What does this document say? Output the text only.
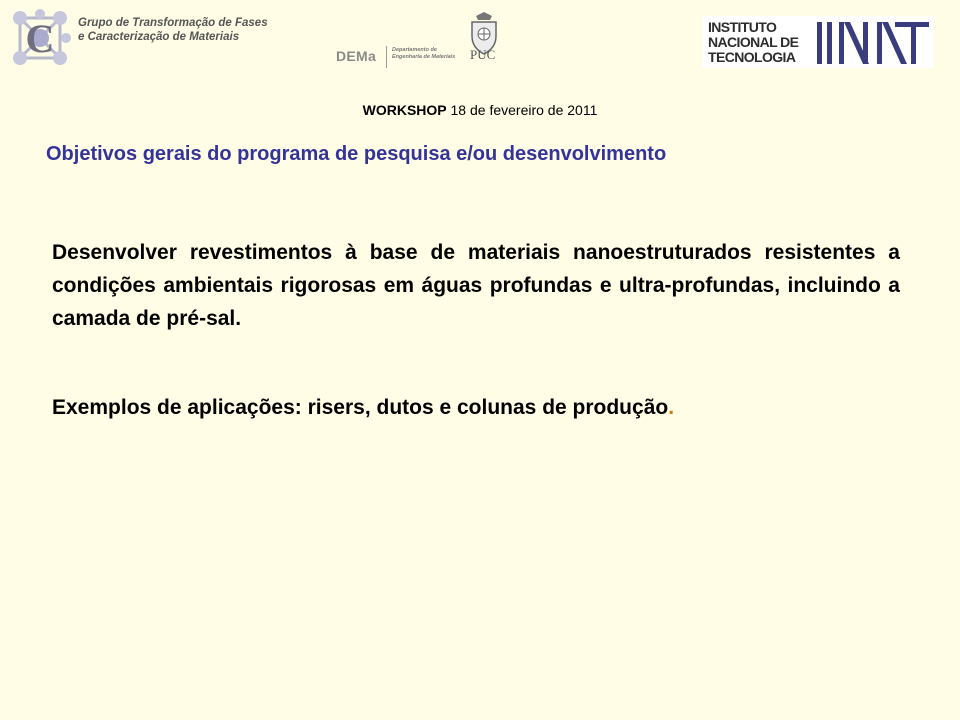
C Grupo de Transformação de Fases
e Caracterização de Materiais
DEMa	Departamento de
Engenharia de Materiais PUC
INSTITUTO
NACIONAL DE
TECNOLOGIA
WORKSHOP 18 de fevereiro de 2011
Objetivos gerais do programa de pesquisa e/ou desenvolvimento
Desenvolver revestimentos à base de materiais nanoestruturados resistentes a condições ambientais rigorosas em águas profundas e ultra-profundas, incluindo a camada de pré-sal.
Exemplos de aplicações: risers, dutos e colunas de produção.
